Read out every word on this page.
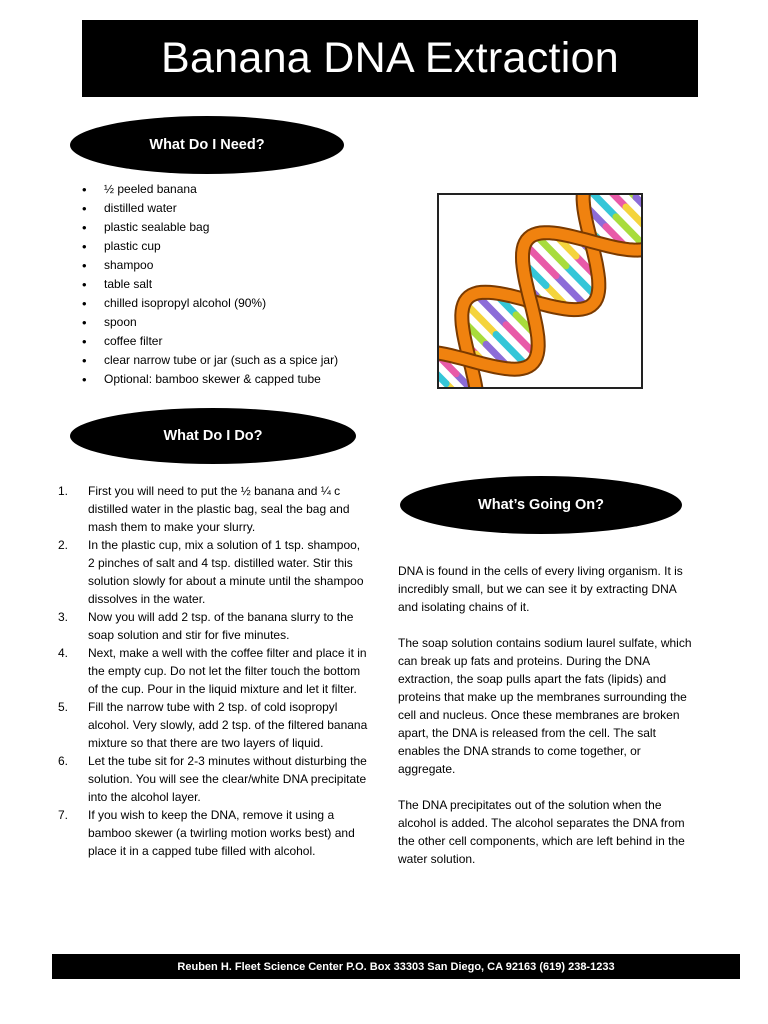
Banana DNA Extraction
What Do I Need?
• ½ peeled banana
• distilled water
• plastic sealable bag
• plastic cup
• shampoo
• table salt
• chilled isopropyl alcohol (90%)
• spoon
• coffee filter
• clear narrow tube or jar (such as a spice jar)
• Optional: bamboo skewer & capped tube
What Do I Do?
1. First you will need to put the ½ banana and ¼ c distilled water in the plastic bag, seal the bag and mash them to make your slurry.
2. In the plastic cup, mix a solution of 1 tsp. shampoo, 2 pinches of salt and 4 tsp. distilled water. Stir this solution slowly for about a minute until the shampoo dissolves in the water.
3. Now you will add 2 tsp. of the banana slurry to the soap solution and stir for five minutes.
4. Next, make a well with the coffee filter and place it in the empty cup. Do not let the filter touch the bottom of the cup. Pour in the liquid mixture and let it filter.
5. Fill the narrow tube with 2 tsp. of cold isopropyl alcohol. Very slowly, add 2 tsp. of the filtered banana mixture so that there are two layers of liquid.
6. Let the tube sit for 2-3 minutes without disturbing the solution. You will see the clear/white DNA precipitate into the alcohol layer.
7. If you wish to keep the DNA, remove it using a bamboo skewer (a twirling motion works best) and place it in a capped tube filled with alcohol.
What’s Going On?

DNA is found in the cells of every living organism. It is incredibly small, but we can see it by extracting DNA and isolating chains of it.

The soap solution contains sodium laurel sulfate, which can break up fats and proteins. During the DNA extraction, the soap pulls apart the fats (lipids) and proteins that make up the membranes surrounding the cell and nucleus. Once these membranes are broken apart, the DNA is released from the cell. The salt enables the DNA strands to come together, or aggregate.

The DNA precipitates out of the solution when the alcohol is added. The alcohol separates the DNA from the other cell components, which are left behind in the water solution.

Reuben H. Fleet Science Center P.O. Box 33303 San Diego, CA 92163 (619) 238-1233
